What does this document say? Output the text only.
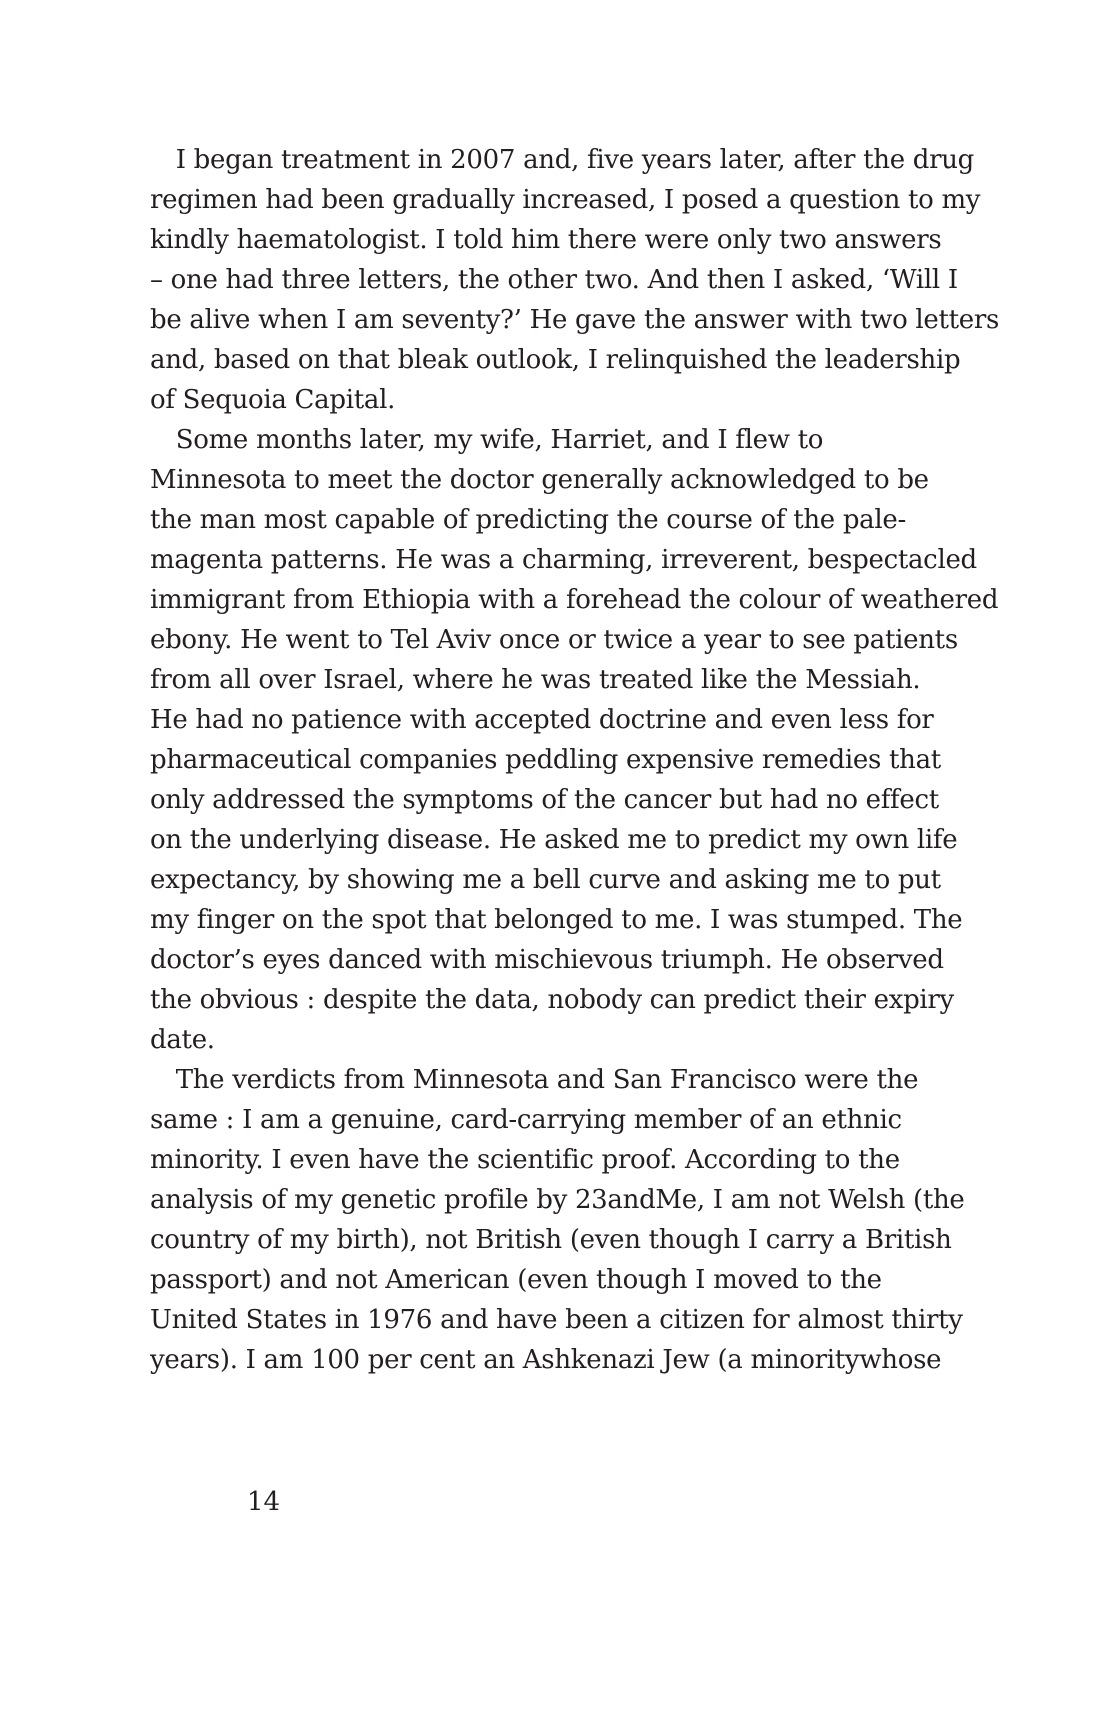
 I began treatment in 2007 and, five years later, after the drug
regimen had been gradually increased, I posed a question to my
kindly haematologist. I told him there were only two answers
– one had three letters, the other two. And then I asked, ‘Will I
be alive when I am seventy?’ He gave the answer with two letters
and, based on that bleak outlook, I relinquished the leadership
of Sequoia Capital.
 Some months later, my wife, Harriet, and I flew to
Minnesota to meet the doctor generally acknowledged to be
the man most capable of predicting the course of the pale-
magenta patterns. He was a charming, irreverent, bespectacled
immigrant from Ethiopia with a forehead the colour of weathered
ebony. He went to Tel Aviv once or twice a year to see patients
from all over Israel, where he was treated like the Messiah.
He had no patience with accepted doctrine and even less for
pharmaceutical companies peddling expensive remedies that
only addressed the symptoms of the cancer but had no effect
on the underlying disease. He asked me to predict my own life
expectancy, by showing me a bell curve and asking me to put
my finger on the spot that belonged to me. I was stumped. The
doctor’s eyes danced with mischievous triumph. He observed
the obvious : despite the data, nobody can predict their expiry
date.
 The verdicts from Minnesota and San Francisco were the
same : I am a genuine, card-carrying member of an ethnic
minority. I even have the scientific proof. According to the
analysis of my genetic profile by 23andMe, I am not Welsh (the
country of my birth), not British (even though I carry a British
passport) and not American (even though I moved to the
United States in 1976 and have been a citizen for almost thirty
years). I am 100 per cent an Ashkenazi Jew (a minoritywhose
14
